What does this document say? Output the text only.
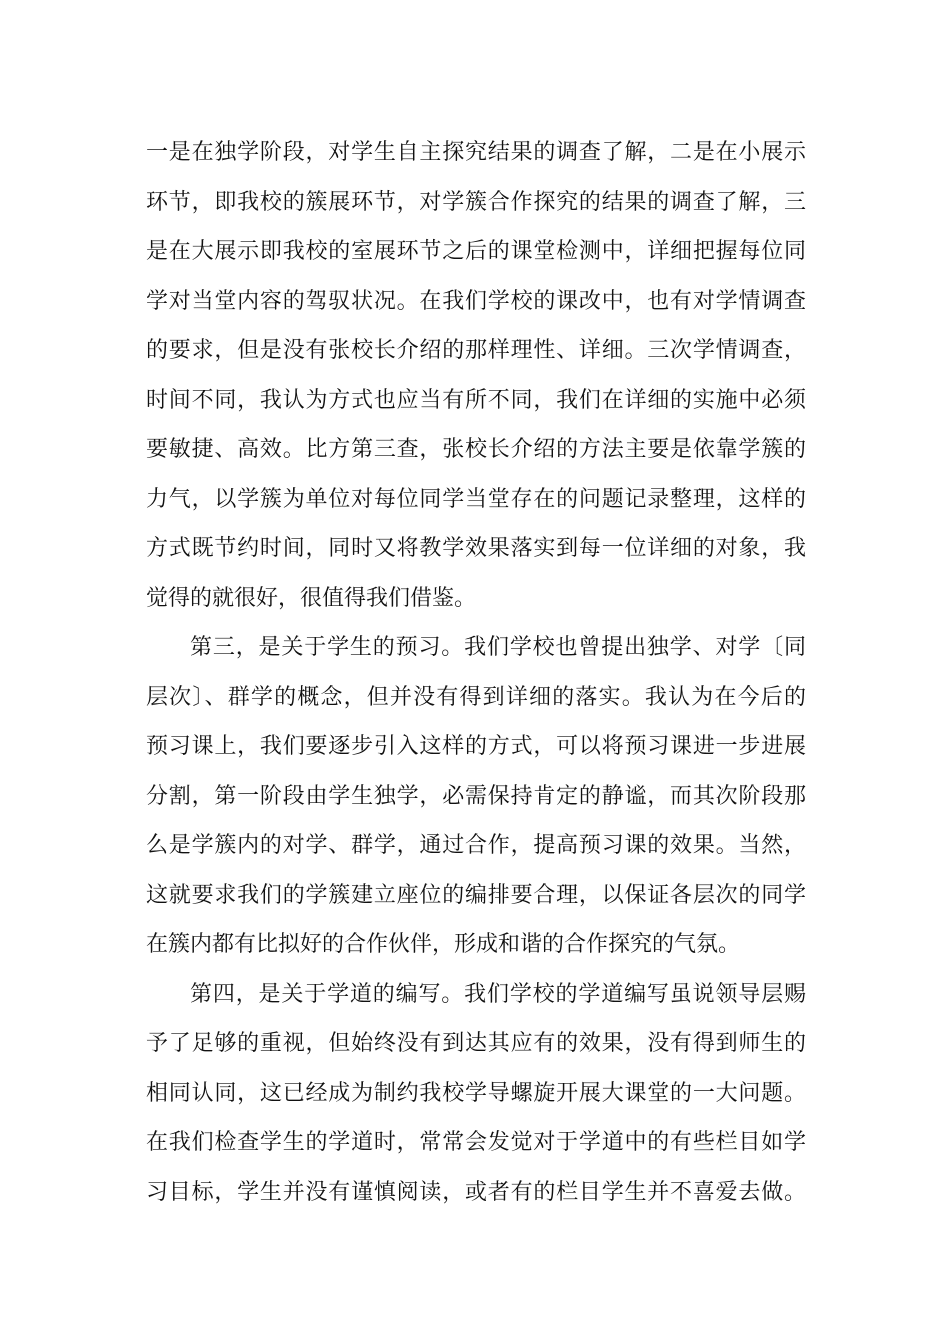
一是在独学阶段，对学生自主探究结果的调查了解，二是在小展示
环节，即我校的簇展环节，对学簇合作探究的结果的调查了解，三
是在大展示即我校的室展环节之后的课堂检测中，详细把握每位同
学对当堂内容的驾驭状况。在我们学校的课改中，也有对学情调查
的要求，但是没有张校长介绍的那样理性、详细。三次学情调查，
时间不同，我认为方式也应当有所不同，我们在详细的实施中必须
要敏捷、高效。比方第三查，张校长介绍的方法主要是依靠学簇的
力气，以学簇为单位对每位同学当堂存在的问题记录整理，这样的
方式既节约时间，同时又将教学效果落实到每一位详细的对象，我
觉得的就很好，很值得我们借鉴。
第三，是关于学生的预习。我们学校也曾提出独学、对学〔同
层次〕、群学的概念，但并没有得到详细的落实。我认为在今后的
预习课上，我们要逐步引入这样的方式，可以将预习课进一步进展
分割，第一阶段由学生独学，必需保持肯定的静谧，而其次阶段那
么是学簇内的对学、群学，通过合作，提高预习课的效果。当然，
这就要求我们的学簇建立座位的编排要合理，以保证各层次的同学
在簇内都有比拟好的合作伙伴，形成和谐的合作探究的气氛。
第四，是关于学道的编写。我们学校的学道编写虽说领导层赐
予了足够的重视，但始终没有到达其应有的效果，没有得到师生的
相同认同，这已经成为制约我校学导螺旋开展大课堂的一大问题。
在我们检查学生的学道时，常常会发觉对于学道中的有些栏目如学
习目标，学生并没有谨慎阅读，或者有的栏目学生并不喜爱去做。
